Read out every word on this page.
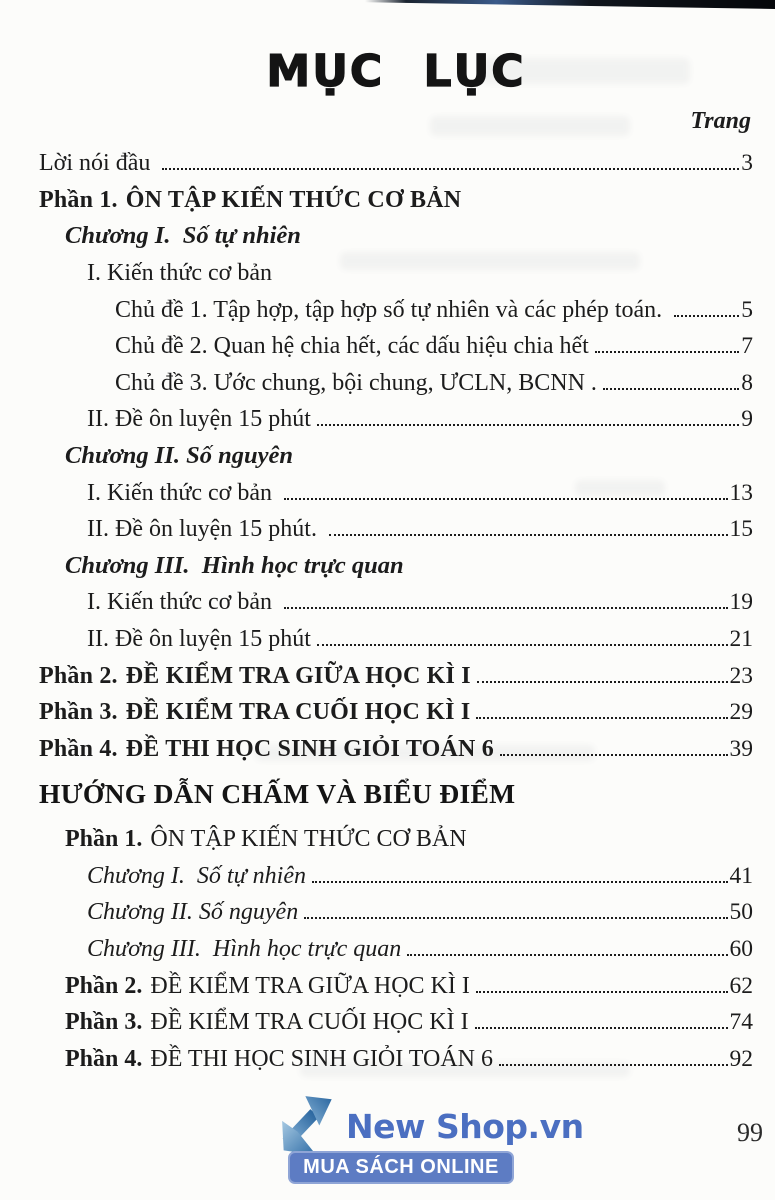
MỤC LỤC
Trang
Lời nói đầu	3
Phần 1. ÔN TẬP KIẾN THỨC CƠ BẢN
Chương I.  Số tự nhiên
I. Kiến thức cơ bản
Chủ đề 1. Tập hợp, tập hợp số tự nhiên và các phép toán.	5
Chủ đề 2. Quan hệ chia hết, các dấu hiệu chia hết	7
Chủ đề 3. Ước chung, bội chung, ƯCLN, BCNN .	8
II. Đề ôn luyện 15 phút	9
Chương II. Số nguyên
I. Kiến thức cơ bản	13
II. Đề ôn luyện 15 phút.	15
Chương III.  Hình học trực quan
I. Kiến thức cơ bản	19
II. Đề ôn luyện 15 phút	21
Phần 2. ĐỀ KIỂM TRA GIỮA HỌC KÌ I	23
Phần 3. ĐỀ KIỂM TRA CUỐI HỌC KÌ I	29
Phần 4. ĐỀ THI HỌC SINH GIỎI TOÁN 6	39
HƯỚNG DẪN CHẤM VÀ BIỂU ĐIỂM
Phần 1. ÔN TẬP KIẾN THỨC CƠ BẢN
Chương I.  Số tự nhiên	41
Chương II. Số nguyên	50
Chương III.  Hình học trực quan	60
Phần 2. ĐỀ KIỂM TRA GIỮA HỌC KÌ I	62
Phần 3. ĐỀ KIỂM TRA CUỐI HỌC KÌ I	74
Phần 4. ĐỀ THI HỌC SINH GIỎI TOÁN 6	92
New Shop.vn
MUA SÁCH ONLINE
99
